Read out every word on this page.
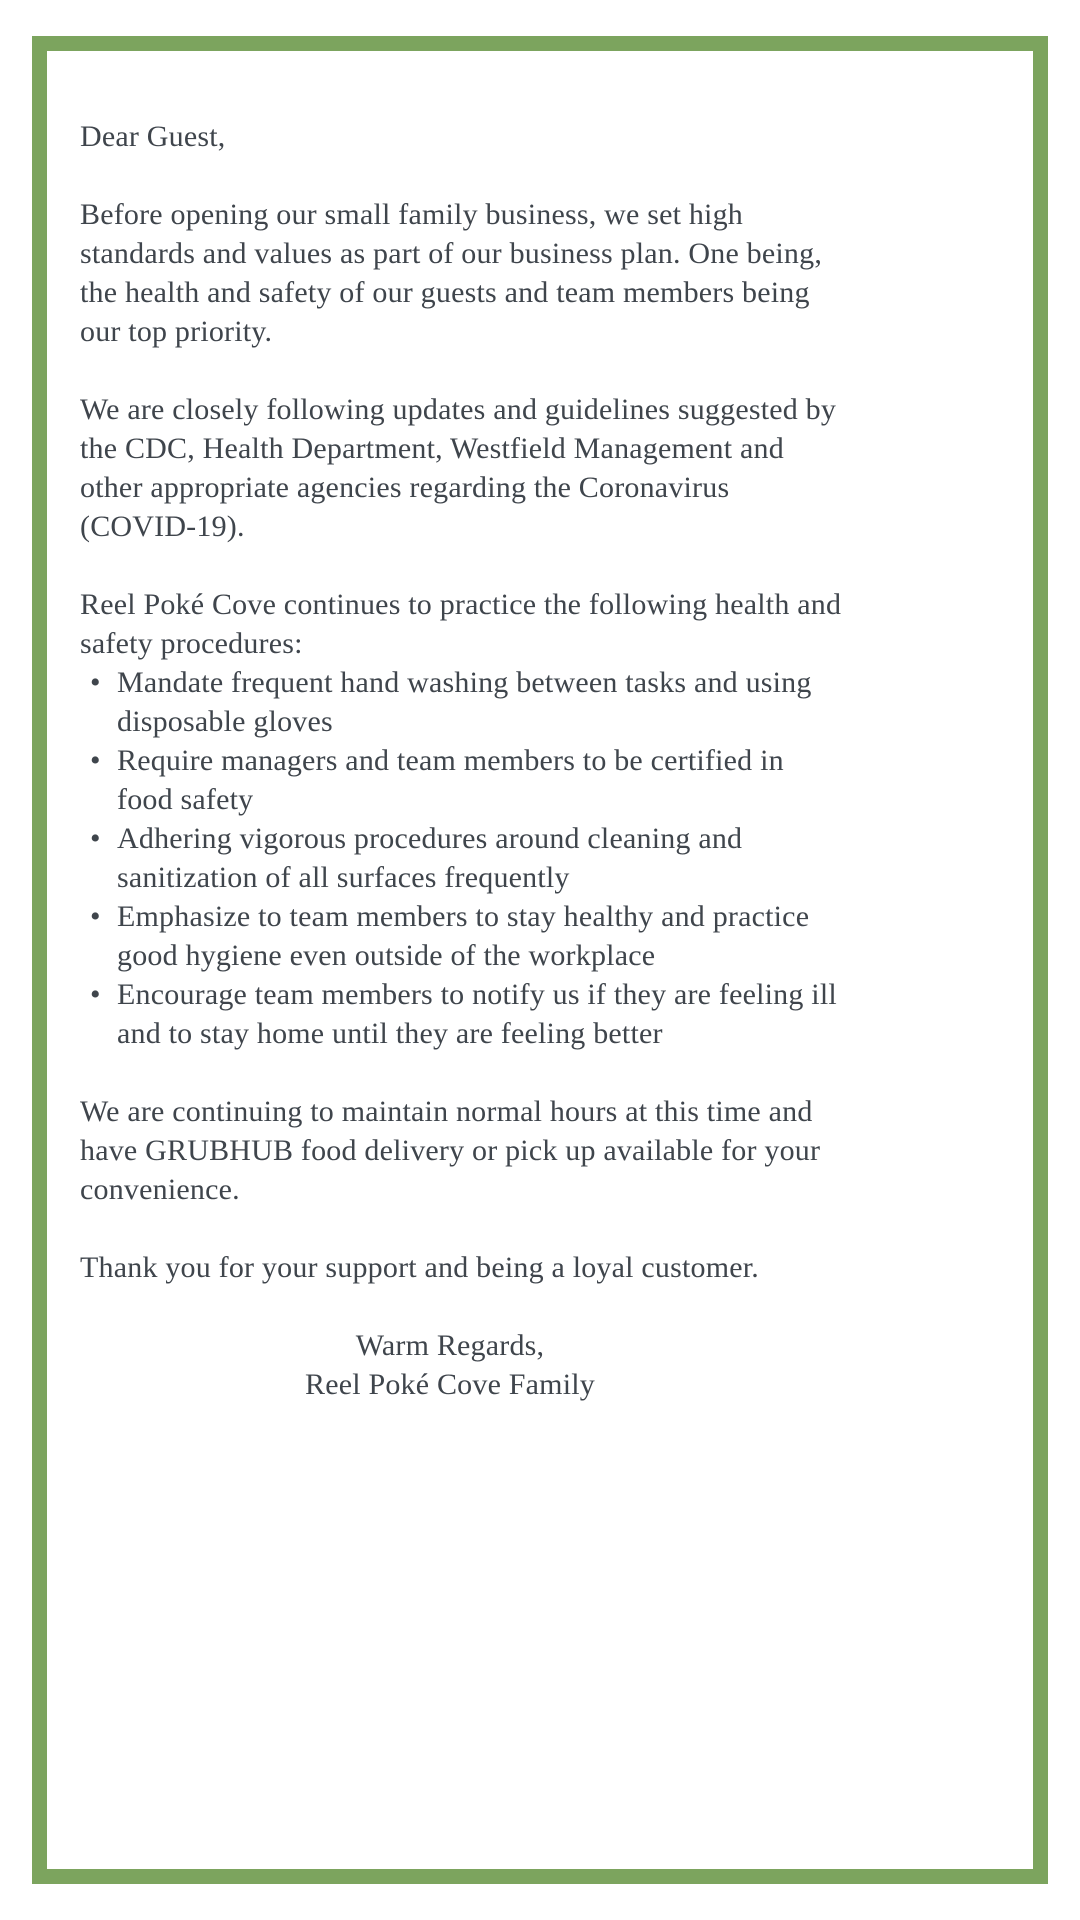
Dear Guest,

Before opening our small family business, we set high standards and values as part of our business plan. One being, the health and safety of our guests and team members being our top priority.

We are closely following updates and guidelines suggested by the CDC, Health Department, Westfield Management and other appropriate agencies regarding the Coronavirus (COVID-19).

Reel Poké Cove continues to practice the following health and safety procedures:

• Mandate frequent hand washing between tasks and using disposable gloves
• Require managers and team members to be certified in food safety
• Adhering vigorous procedures around cleaning and sanitization of all surfaces frequently
• Emphasize to team members to stay healthy and practice good hygiene even outside of the workplace
• Encourage team members to notify us if they are feeling ill and to stay home until they are feeling better

We are continuing to maintain normal hours at this time and have GRUBHUB food delivery or pick up available for your convenience.

Thank you for your support and being a loyal customer.

Warm Regards,

Reel Poké Cove Family
